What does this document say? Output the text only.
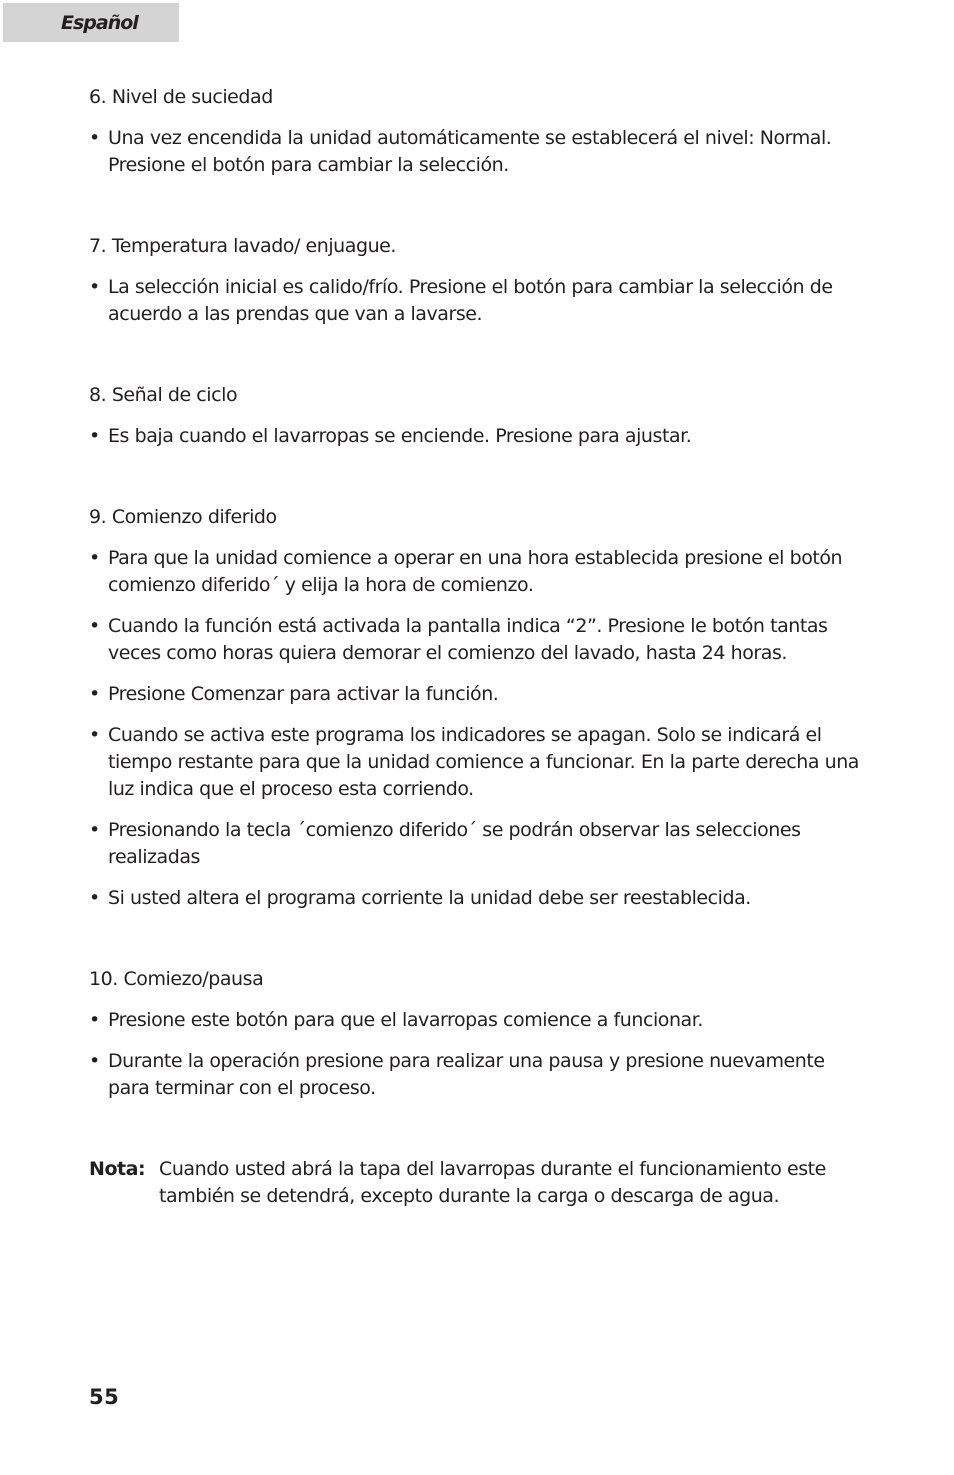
Español
6. Nivel de suciedad
• Una vez encendida la unidad automáticamente se establecerá el nivel: Normal. Presione el botón para cambiar la selección.
7. Temperatura lavado/ enjuague.
• La selección inicial es calido/frío. Presione el botón para cambiar la selección de acuerdo a las prendas que van a lavarse.
8. Señal de ciclo
• Es baja cuando el lavarropas se enciende. Presione para ajustar.
9. Comienzo diferido
• Para que la unidad comience a operar en una hora establecida presione el botón comienzo diferido´ y elija la hora de comienzo.
• Cuando la función está activada la pantalla indica “2”. Presione le botón tantas veces como horas quiera demorar el comienzo del lavado, hasta 24 horas.
• Presione Comenzar para activar la función.
• Cuando se activa este programa los indicadores se apagan. Solo se indicará el tiempo restante para que la unidad comience a funcionar. En la parte derecha una luz indica que el proceso esta corriendo.
• Presionando la tecla ´comienzo diferido´ se podrán observar las selecciones realizadas
• Si usted altera el programa corriente la unidad debe ser reestablecida.
10. Comiezo/pausa
• Presione este botón para que el lavarropas comience a funcionar.
• Durante la operación presione para realizar una pausa y presione nuevamente para terminar con el proceso.
Nota: Cuando usted abrá la tapa del lavarropas durante el funcionamiento este también se detendrá, excepto durante la carga o descarga de agua.
55
